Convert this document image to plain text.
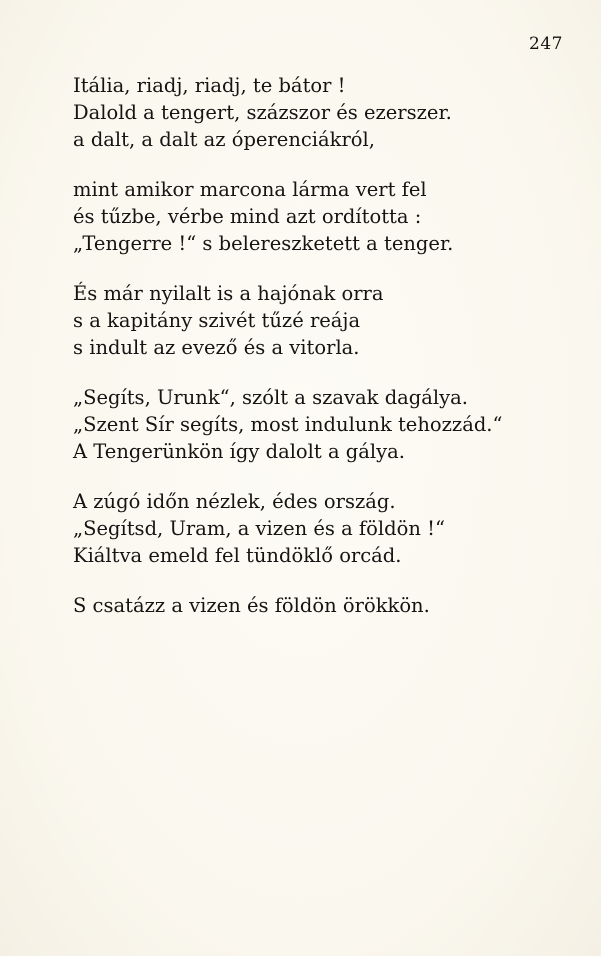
247
Itália, riadj, riadj, te bátor !
Dalold a tengert, százszor és ezerszer.
a dalt, a dalt az óperenciákról,
mint amikor marcona lárma vert fel
és tűzbe, vérbe mind azt ordította :
„Tengerre !“ s belereszketett a tenger.
És már nyilalt is a hajónak orra
s a kapitány szivét tűzé reája
s indult az evező és a vitorla.
„Segíts, Urunk“, szólt a szavak dagálya.
„Szent Sír segíts, most indulunk tehozzád.“
A Tengerünkön így dalolt a gálya.
A zúgó időn nézlek, édes ország.
„Segítsd, Uram, a vizen és a földön !“
Kiáltva emeld fel tündöklő orcád.
S csatázz a vizen és földön örökkön.
